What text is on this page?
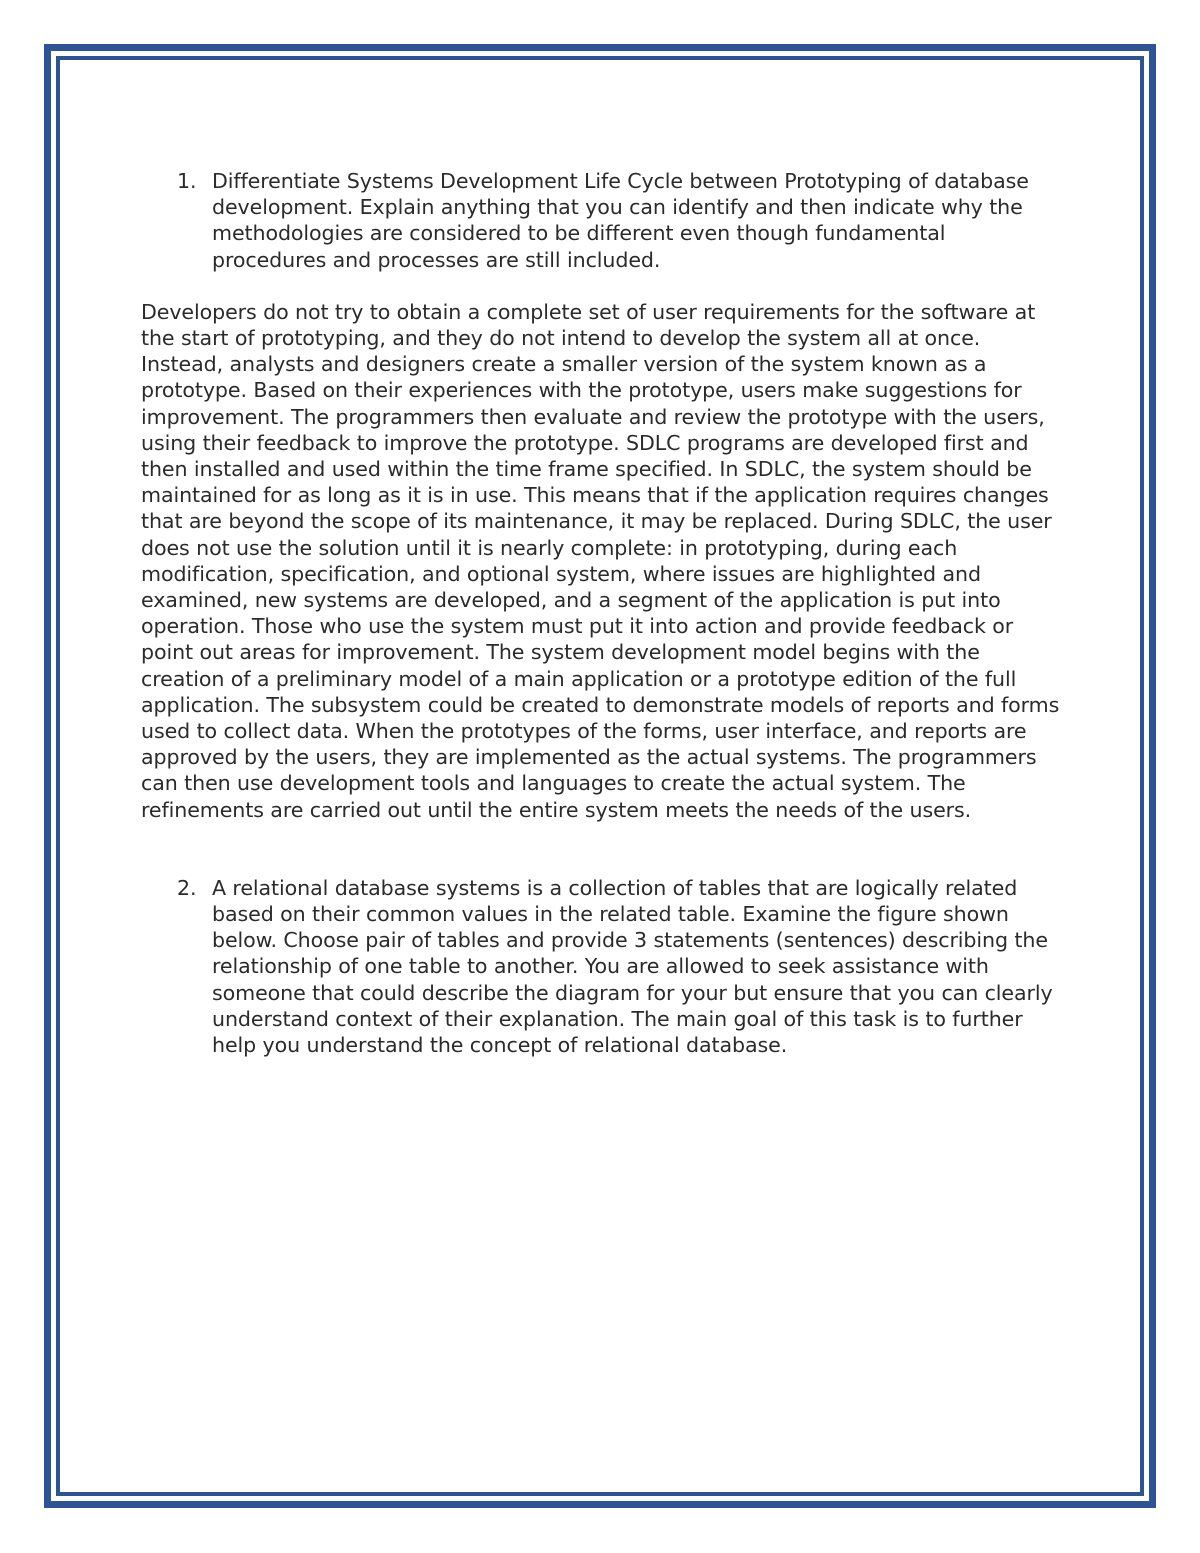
1. Differentiate Systems Development Life Cycle between Prototyping of database development. Explain anything that you can identify and then indicate why the methodologies are considered to be different even though fundamental procedures and processes are still included.

Developers do not try to obtain a complete set of user requirements for the software at the start of prototyping, and they do not intend to develop the system all at once. Instead, analysts and designers create a smaller version of the system known as a prototype. Based on their experiences with the prototype, users make suggestions for improvement. The programmers then evaluate and review the prototype with the users, using their feedback to improve the prototype. SDLC programs are developed first and then installed and used within the time frame specified. In SDLC, the system should be maintained for as long as it is in use. This means that if the application requires changes that are beyond the scope of its maintenance, it may be replaced. During SDLC, the user does not use the solution until it is nearly complete: in prototyping, during each modification, specification, and optional system, where issues are highlighted and examined, new systems are developed, and a segment of the application is put into operation. Those who use the system must put it into action and provide feedback or point out areas for improvement. The system development model begins with the creation of a preliminary model of a main application or a prototype edition of the full application. The subsystem could be created to demonstrate models of reports and forms used to collect data. When the prototypes of the forms, user interface, and reports are approved by the users, they are implemented as the actual systems. The programmers can then use development tools and languages to create the actual system. The refinements are carried out until the entire system meets the needs of the users.

2. A relational database systems is a collection of tables that are logically related based on their common values in the related table. Examine the figure shown below. Choose pair of tables and provide 3 statements (sentences) describing the relationship of one table to another. You are allowed to seek assistance with someone that could describe the diagram for your but ensure that you can clearly understand context of their explanation. The main goal of this task is to further help you understand the concept of relational database.
